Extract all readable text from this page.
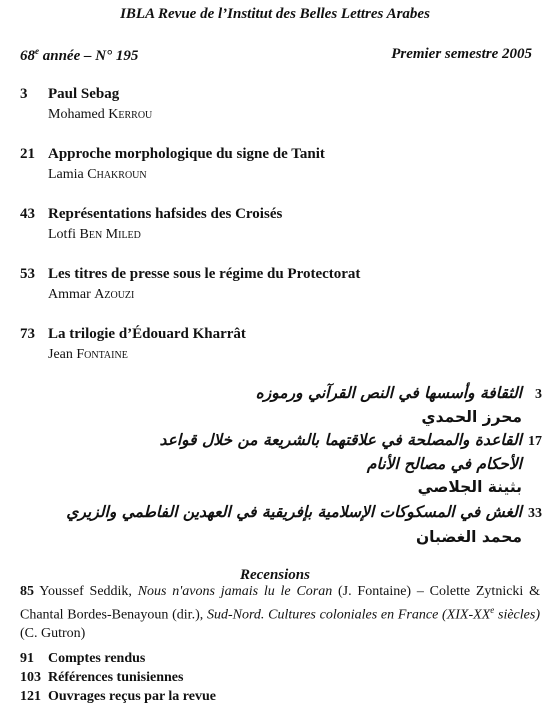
IBLA Revue de l’Institut des Belles Lettres Arabes
68e année – N° 195	Premier semestre 2005
3	Paul Sebag
Mohamed Kerrou
21 Approche morphologique du signe de Tanit
Lamia Chakroun
43 Représentations hafsides des Croisés
Lotfi Ben Miled
53 Les titres de presse sous le régime du Protectorat
Ammar Azouzi
73 La trilogie d’Édouard Kharrât
Jean Fontaine
3
الثقافة وأسسها في النص القرآني ورموزه
محرز الحمدي
17
القاعدة والمصلحة في علاقتهما بالشريعة من خلال قواعد
الأحكام في مصالح الأنام
بثينة الجلاصي
33
الغش في المسكوكات الإسلامية بإفريقية في العهدين الفاطمي والزيري
محمد الغضبان
Recensions
85 Youssef Seddik, Nous n'avons jamais lu le Coran (J. Fontaine) – Colette Zytnicki & Chantal Bordes-Benayoun (dir.), Sud-Nord. Cultures coloniales en France (XIX-XXe siècles) (C. Gutron)
91 Comptes rendus
103 Références tunisiennes
121 Ouvrages reçus par la revue
